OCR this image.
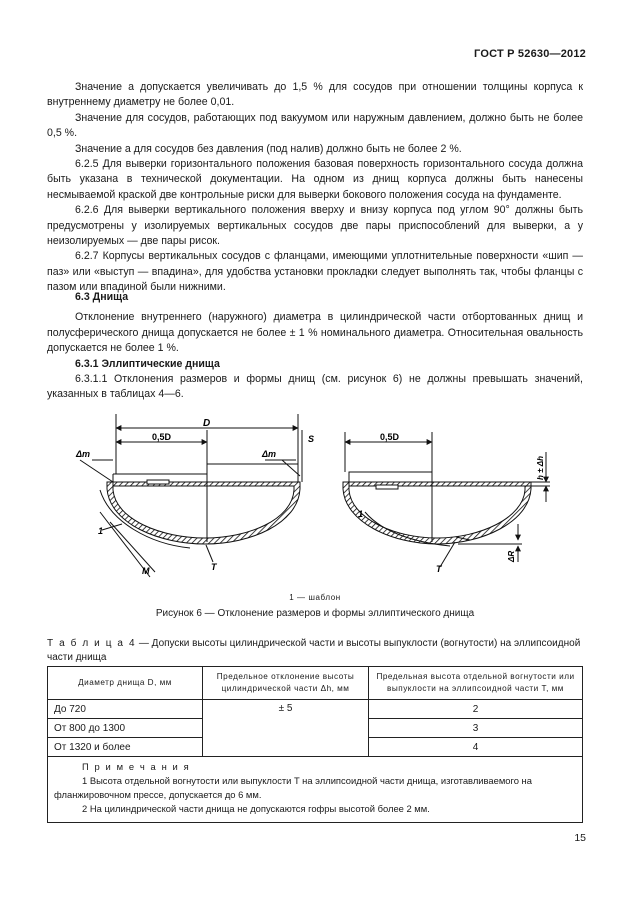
ГОСТ Р 52630—2012

Значение a допускается увеличивать до 1,5 % для сосудов при отношении толщины корпуса к внутреннему диаметру не более 0,01.

Значение для сосудов, работающих под вакуумом или наружным давлением, должно быть не более 0,5 %.

Значение a для сосудов без давления (под налив) должно быть не более 2 %.

6.2.5 Для выверки горизонтального положения базовая поверхность горизонтального сосуда должна быть указана в технической документации. На одном из днищ корпуса должны быть нанесены несмываемой краской две контрольные риски для выверки бокового положения сосуда на фундаменте.

6.2.6 Для выверки вертикального положения вверху и внизу корпуса под углом 90° должны быть предусмотрены у изолируемых вертикальных сосудов две пары приспособлений для выверки, а у неизолируемых — две пары рисок.

6.2.7 Корпусы вертикальных сосудов с фланцами, имеющими уплотнительные поверхности «шип — паз» или «выступ — впадина», для удобства установки прокладки следует выполнять так, чтобы фланцы с пазом или впадиной были нижними.

6.3 Днища

Отклонение внутреннего (наружного) диаметра в цилиндрической части отбортованных днищ и полусферического днища допускается не более ± 1 % номинального диаметра. Относительная овальность допускается не более 1 %.

6.3.1 Эллиптические днища

6.3.1.1 Отклонения размеров и формы днищ (см. рисунок 6) не должны превышать значений, указанных в таблицах 4—6.

D
0,5D
Δm	Δm
S
1
M	T
0,5D
h ± Δh
1
T
ΔR
1 — шаблон
Рисунок 6 — Отклонение размеров и формы эллиптического днища
Т а б л и ц а 4 — Допуски высоты цилиндрической части и высоты выпуклости (вогнутости) на эллипсоидной части днища
Диаметр днища D, мм	Предельное отклонение высоты цилиндрической части Δh, мм	Предельная высота отдельной вогнутости или выпуклости на эллипсоидной части T, мм
До 720	± 5	2
От 800 до 1300		3
От 1320 и более		4

П р и м е ч а н и я

1 Высота отдельной вогнутости или выпуклости T на эллипсоидной части днища, изготавливаемого на фланжировочном прессе, допускается до 6 мм.

2 На цилиндрической части днища не допускаются гофры высотой более 2 мм.		

15
